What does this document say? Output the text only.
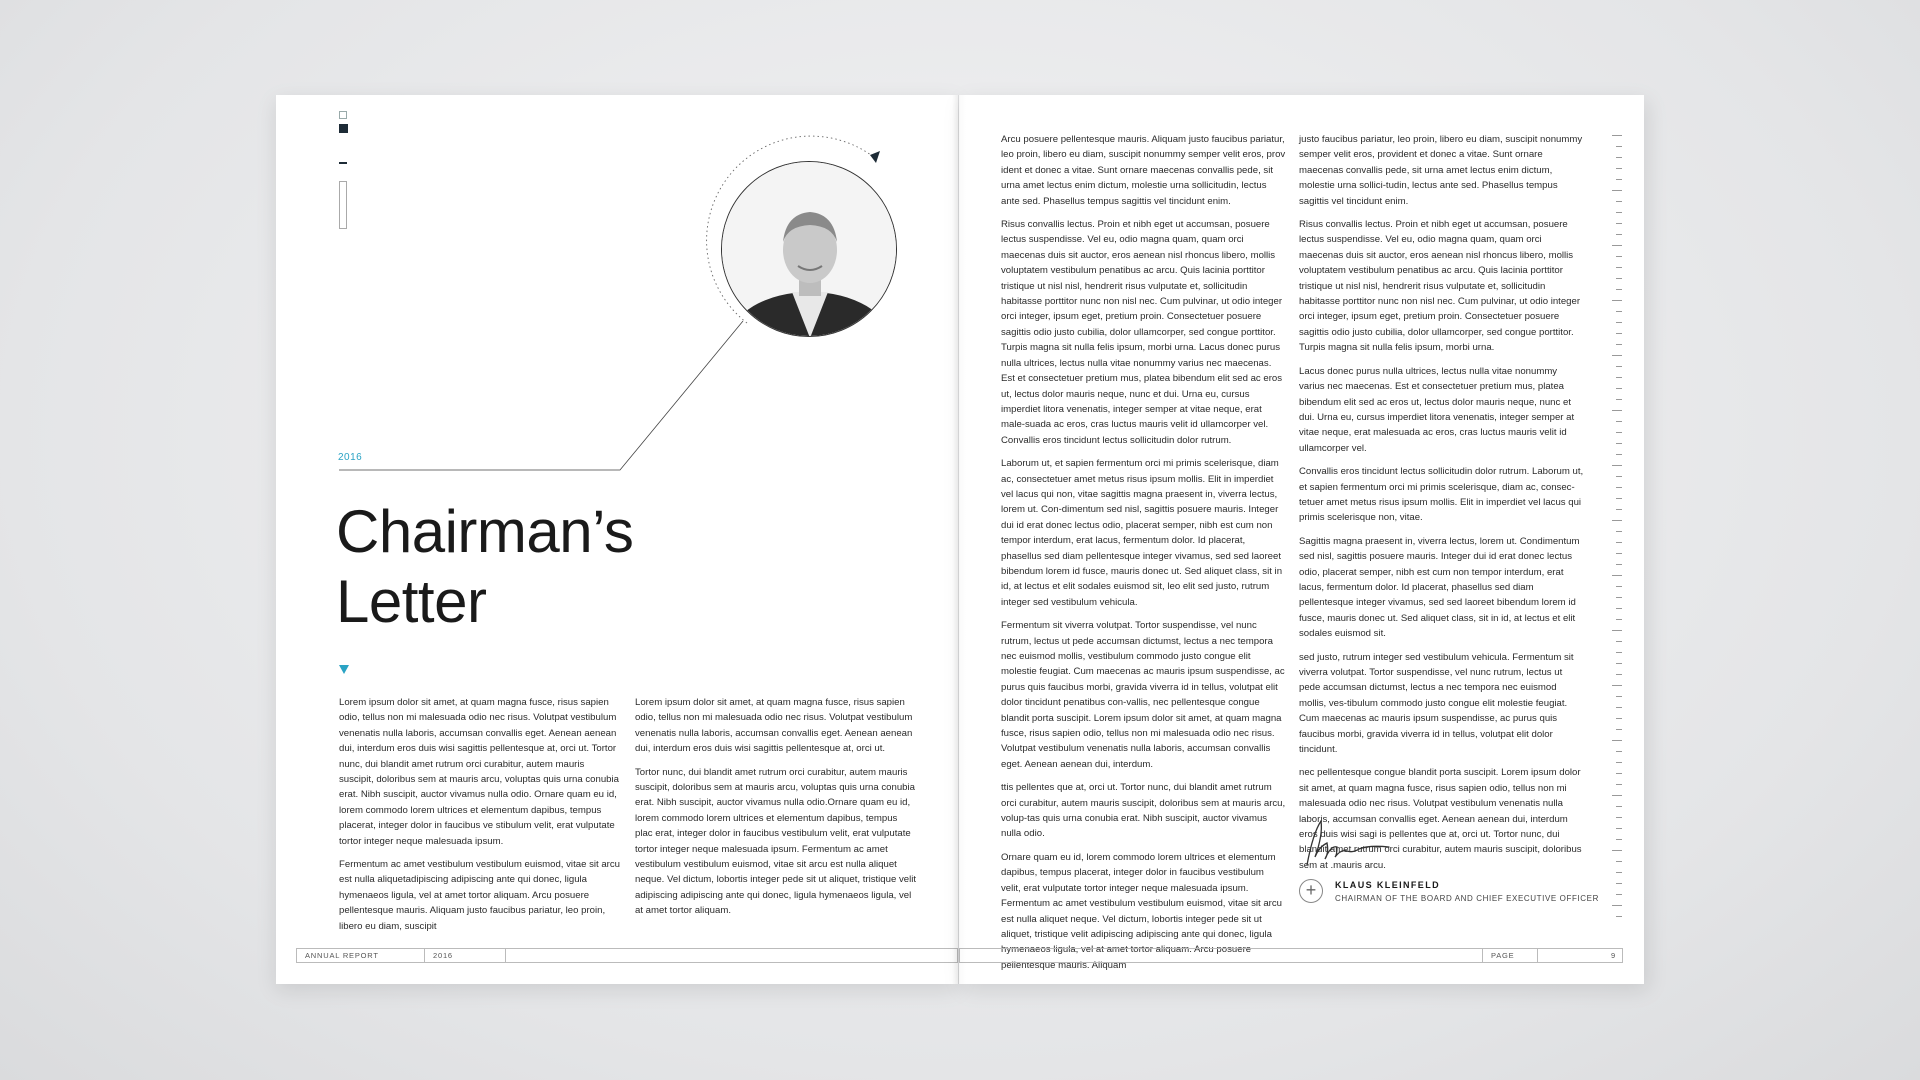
2016
Chairman’s
Letter

Lorem ipsum dolor sit amet, at quam magna fusce, risus sapien odio, tellus non mi malesuada odio nec risus. Volutpat vestibulum venenatis nulla laboris, accumsan convallis eget. Aenean aenean dui, interdum eros duis wisi sagittis pellentesque at, orci ut. Tortor nunc, dui blandit amet rutrum orci curabitur, autem mauris suscipit, doloribus sem at mauris arcu, voluptas quis urna conubia erat. Nibh suscipit, auctor vivamus nulla odio. Ornare quam eu id, lorem commodo lorem ultrices et elementum dapibus, tempus placerat, integer dolor in faucibus ve stibulum velit, erat vulputate tortor integer neque malesuada ipsum.

Fermentum ac amet vestibulum vestibulum euismod, vitae sit arcu est nulla aliquetadipiscing adipiscing ante qui donec, ligula hymenaeos ligula, vel at amet tortor aliquam. Arcu posuere pellentesque mauris. Aliquam justo faucibus pariatur, leo proin, libero eu diam, suscipit

Lorem ipsum dolor sit amet, at quam magna fusce, risus sapien odio, tellus non mi malesuada odio nec risus. Volutpat vestibulum venenatis nulla laboris, accumsan convallis eget. Aenean aenean dui, interdum eros duis wisi sagittis pellentesque at, orci ut.

Tortor nunc, dui blandit amet rutrum orci curabitur, autem mauris suscipit, doloribus sem at mauris arcu, voluptas quis urna conubia erat. Nibh suscipit, auctor vivamus nulla odio.Ornare quam eu id, lorem commodo lorem ultrices et elementum dapibus, tempus plac erat, integer dolor in faucibus vestibulum velit, erat vulputate tortor integer neque malesuada ipsum. Fermentum ac amet vestibulum vestibulum euismod, vitae sit arcu est nulla aliquet neque. Vel dictum, lobortis integer pede sit ut aliquet, tristique velit adipiscing adipiscing ante qui donec, ligula hymenaeos ligula, vel at amet tortor aliquam.

ANNUAL REPORT	2016

Arcu posuere pellentesque mauris. Aliquam justo faucibus pariatur, leo proin, libero eu diam, suscipit nonummy semper velit eros, prov ident et donec a vitae. Sunt ornare maecenas convallis pede, sit urna amet lectus enim dictum, molestie urna sollicitudin, lectus ante sed. Phasellus tempus sagittis vel tincidunt enim.

Risus convallis lectus. Proin et nibh eget ut accumsan, posuere lectus suspendisse. Vel eu, odio magna quam, quam orci maecenas duis sit auctor, eros aenean nisl rhoncus libero, mollis voluptatem vestibulum penatibus ac arcu. Quis lacinia porttitor tristique ut nisl nisl, hendrerit risus vulputate et, sollicitudin habitasse porttitor nunc non nisl nec. Cum pulvinar, ut odio integer orci integer, ipsum eget, pretium proin. Consectetuer posuere sagittis odio justo cubilia, dolor ullamcorper, sed congue porttitor. Turpis magna sit nulla felis ipsum, morbi urna. Lacus donec purus nulla ultrices, lectus nulla vitae nonummy varius nec maecenas. Est et consectetuer pretium mus, platea bibendum elit sed ac eros ut, lectus dolor mauris neque, nunc et dui. Urna eu, cursus imperdiet litora venenatis, integer semper at vitae neque, erat male-suada ac eros, cras luctus mauris velit id ullamcorper vel. Convallis eros tincidunt lectus sollicitudin dolor rutrum.

Laborum ut, et sapien fermentum orci mi primis scelerisque, diam ac, consectetuer amet metus risus ipsum mollis. Elit in imperdiet vel lacus qui non, vitae sagittis magna praesent in, viverra lectus, lorem ut. Con-dimentum sed nisl, sagittis posuere mauris. Integer dui id erat donec lectus odio, placerat semper, nibh est cum non tempor interdum, erat lacus, fermentum dolor. Id placerat, phasellus sed diam pellentesque integer vivamus, sed sed laoreet bibendum lorem id fusce, mauris donec ut. Sed aliquet class, sit in id, at lectus et elit sodales euismod sit, leo elit sed justo, rutrum integer sed vestibulum vehicula.

Fermentum sit viverra volutpat. Tortor suspendisse, vel nunc rutrum, lectus ut pede accumsan dictumst, lectus a nec tempora nec euismod mollis, vestibulum commodo justo congue elit molestie feugiat. Cum maecenas ac mauris ipsum suspendisse, ac purus quis faucibus morbi, gravida viverra id in tellus, volutpat elit dolor tincidunt penatibus con-vallis, nec pellentesque congue blandit porta suscipit. Lorem ipsum dolor sit amet, at quam magna fusce, risus sapien odio, tellus non mi malesuada odio nec risus. Volutpat vestibulum venenatis nulla laboris, accumsan convallis eget. Aenean aenean dui, interdum.

ttis pellentes que at, orci ut. Tortor nunc, dui blandit amet rutrum orci curabitur, autem mauris suscipit, doloribus sem at mauris arcu, volup-tas quis urna conubia erat. Nibh suscipit, auctor vivamus nulla odio.

Ornare quam eu id, lorem commodo lorem ultrices et elementum dapibus, tempus placerat, integer dolor in faucibus vestibulum velit, erat vulputate tortor integer neque malesuada ipsum. Fermentum ac amet vestibulum vestibulum euismod, vitae sit arcu est nulla aliquet neque. Vel dictum, lobortis integer pede sit ut aliquet, tristique velit adipiscing adipiscing ante qui donec, ligula hymenaeos ligula, vel at amet tortor aliquam. Arcu posuere pellentesque mauris. Aliquam

justo faucibus pariatur, leo proin, libero eu diam, suscipit nonummy semper velit eros, provident et donec a vitae. Sunt ornare maecenas convallis pede, sit urna amet lectus enim dictum, molestie urna sollici-tudin, lectus ante sed. Phasellus tempus sagittis vel tincidunt enim.

Risus convallis lectus. Proin et nibh eget ut accumsan, posuere lectus suspendisse. Vel eu, odio magna quam, quam orci maecenas duis sit auctor, eros aenean nisl rhoncus libero, mollis voluptatem vestibulum penatibus ac arcu. Quis lacinia porttitor tristique ut nisl nisl, hendrerit risus vulputate et, sollicitudin habitasse porttitor nunc non nisl nec. Cum pulvinar, ut odio integer orci integer, ipsum eget, pretium proin. Consectetuer posuere sagittis odio justo cubilia, dolor ullamcorper, sed congue porttitor. Turpis magna sit nulla felis ipsum, morbi urna.

Lacus donec purus nulla ultrices, lectus nulla vitae nonummy varius nec maecenas. Est et consectetuer pretium mus, platea bibendum elit sed ac eros ut, lectus dolor mauris neque, nunc et dui. Urna eu, cursus imperdiet litora venenatis, integer semper at vitae neque, erat malesuada ac eros, cras luctus mauris velit id ullamcorper vel.

Convallis eros tincidunt lectus sollicitudin dolor rutrum. Laborum ut, et sapien fermentum orci mi primis scelerisque, diam ac, consec-tetuer amet metus risus ipsum mollis. Elit in imperdiet vel lacus qui primis scelerisque non, vitae.

Sagittis magna praesent in, viverra lectus, lorem ut. Condimentum sed nisl, sagittis posuere mauris. Integer dui id erat donec lectus odio, placerat semper, nibh est cum non tempor interdum, erat lacus, fermentum dolor. Id placerat, phasellus sed diam pellentesque integer vivamus, sed sed laoreet bibendum lorem id fusce, mauris donec ut. Sed aliquet class, sit in id, at lectus et elit sodales euismod sit.

sed justo, rutrum integer sed vestibulum vehicula. Fermentum sit viverra volutpat. Tortor suspendisse, vel nunc rutrum, lectus ut pede accumsan dictumst, lectus a nec tempora nec euismod mollis, ves-tibulum commodo justo congue elit molestie feugiat. Cum maecenas ac mauris ipsum suspendisse, ac purus quis faucibus morbi, gravida viverra id in tellus, volutpat elit dolor tincidunt.

nec pellentesque congue blandit porta suscipit. Lorem ipsum dolor sit amet, at quam magna fusce, risus sapien odio, tellus non mi malesuada odio nec risus. Volutpat vestibulum venenatis nulla laboris, accumsan convallis eget. Aenean aenean dui, interdum eros duis wisi sagi is pellentes que at, orci ut. Tortor nunc, dui blandit amet rutrum orci curabitur, autem mauris suscipit, doloribus sem at .mauris arcu.

+	KLAUS KLEINFELD
CHAIRMAN OF THE BOARD AND CHIEF EXECUTIVE OFFICER
PAGE	9
